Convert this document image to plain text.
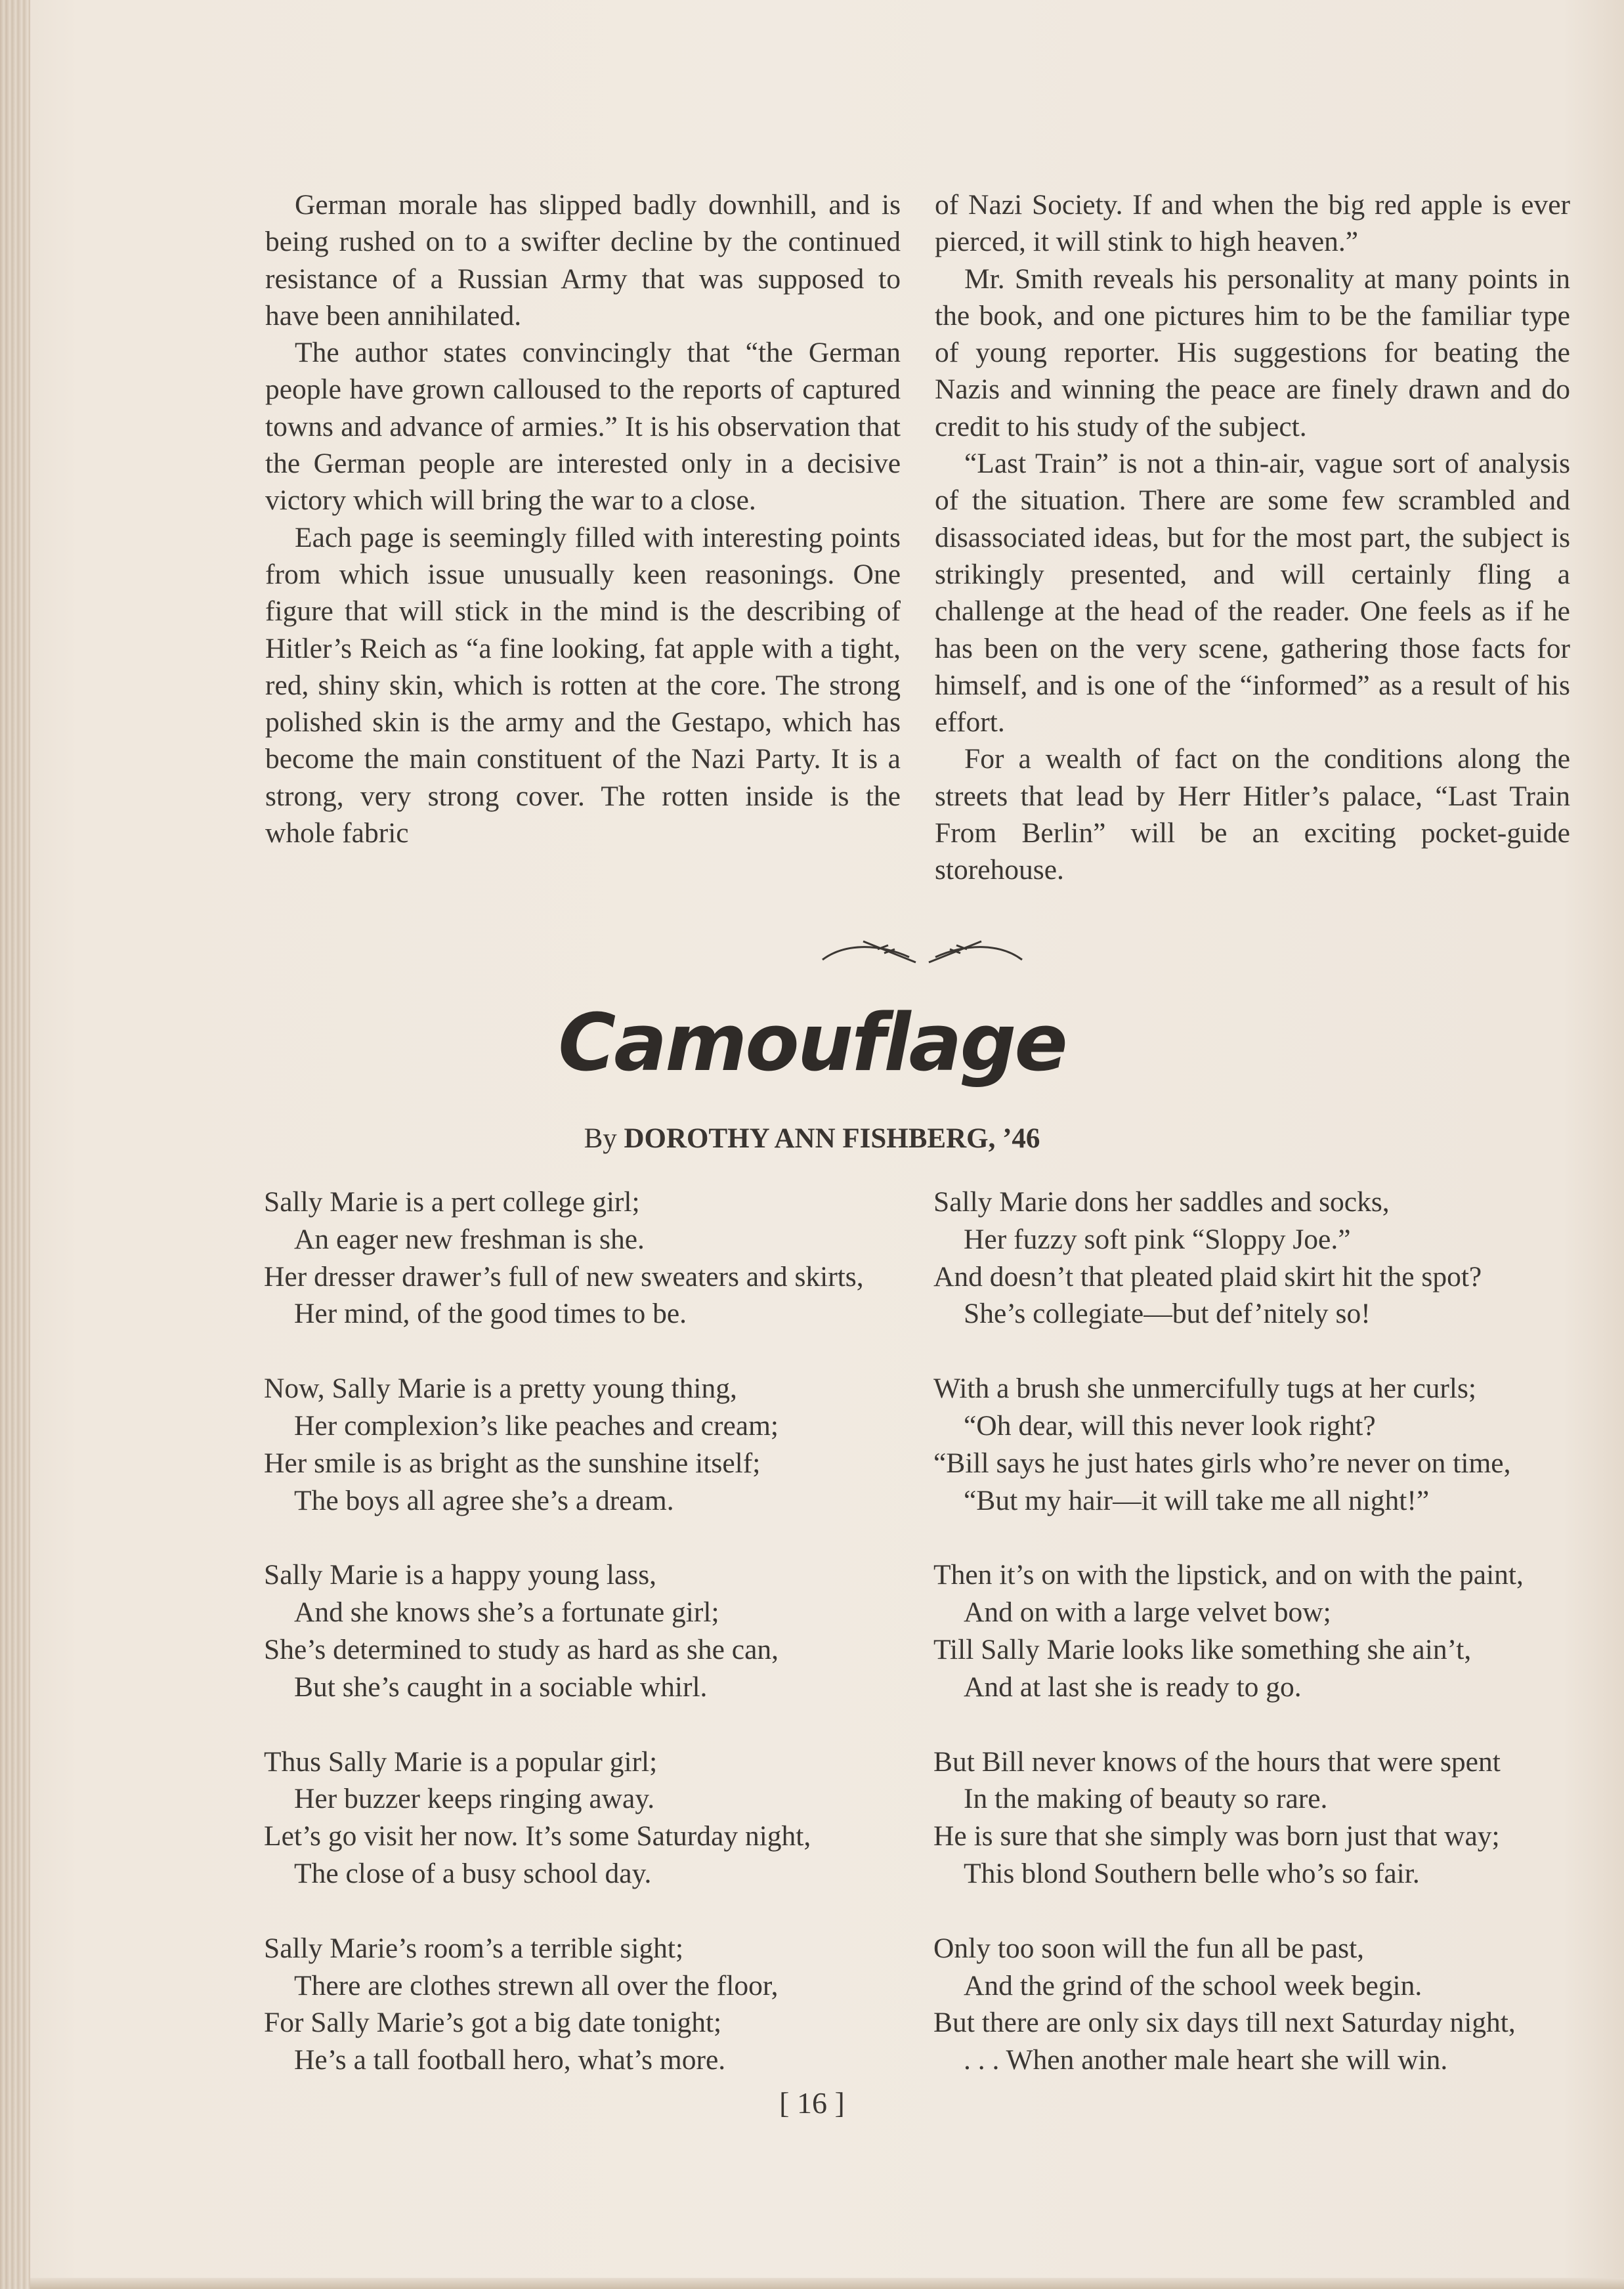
German morale has slipped badly downhill, and is being rushed on to a swifter decline by the continued resistance of a Russian Army that was supposed to have been annihilated.

The author states convincingly that “the German people have grown calloused to the reports of captured towns and advance of armies.” It is his observation that the German people are interested only in a decisive victory which will bring the war to a close.

Each page is seemingly filled with interesting points from which issue unusually keen reasonings. One figure that will stick in the mind is the describing of Hitler’s Reich as “a fine looking, fat apple with a tight, red, shiny skin, which is rotten at the core. The strong polished skin is the army and the Gestapo, which has become the main constituent of the Nazi Party. It is a strong, very strong cover. The rotten inside is the whole fabric

of Nazi Society. If and when the big red apple is ever pierced, it will stink to high heaven.”

Mr. Smith reveals his personality at many points in the book, and one pictures him to be the familiar type of young reporter. His suggestions for beating the Nazis and winning the peace are finely drawn and do credit to his study of the subject.

“Last Train” is not a thin-air, vague sort of analysis of the situation. There are some few scrambled and disassociated ideas, but for the most part, the subject is strikingly presented, and will certainly fling a challenge at the head of the reader. One feels as if he has been on the very scene, gathering those facts for himself, and is one of the “informed” as a result of his effort.

For a wealth of fact on the conditions along the streets that lead by Herr Hitler’s palace, “Last Train From Berlin” will be an exciting pocket-guide storehouse.

Camouflage
By DOROTHY ANN FISHBERG, ’46
Sally Marie is a pert college girl;
An eager new freshman is she.
Her dresser drawer’s full of new sweaters and skirts,
Her mind, of the good times to be.
Now, Sally Marie is a pretty young thing,
Her complexion’s like peaches and cream;
Her smile is as bright as the sunshine itself;
The boys all agree she’s a dream.
Sally Marie is a happy young lass,
And she knows she’s a fortunate girl;
She’s determined to study as hard as she can,
But she’s caught in a sociable whirl.
Thus Sally Marie is a popular girl;
Her buzzer keeps ringing away.
Let’s go visit her now. It’s some Saturday night,
The close of a busy school day.
Sally Marie’s room’s a terrible sight;
There are clothes strewn all over the floor,
For Sally Marie’s got a big date tonight;
He’s a tall football hero, what’s more.
Sally Marie dons her saddles and socks,
Her fuzzy soft pink “Sloppy Joe.”
And doesn’t that pleated plaid skirt hit the spot?
She’s collegiate—but def’nitely so!
With a brush she unmercifully tugs at her curls;
“Oh dear, will this never look right?
“Bill says he just hates girls who’re never on time,
“But my hair—it will take me all night!”
Then it’s on with the lipstick, and on with the paint,
And on with a large velvet bow;
Till Sally Marie looks like something she ain’t,
And at last she is ready to go.
But Bill never knows of the hours that were spent
In the making of beauty so rare.
He is sure that she simply was born just that way;
This blond Southern belle who’s so fair.
Only too soon will the fun all be past,
And the grind of the school week begin.
But there are only six days till next Saturday night,
. . . When another male heart she will win.
[ 16 ]
